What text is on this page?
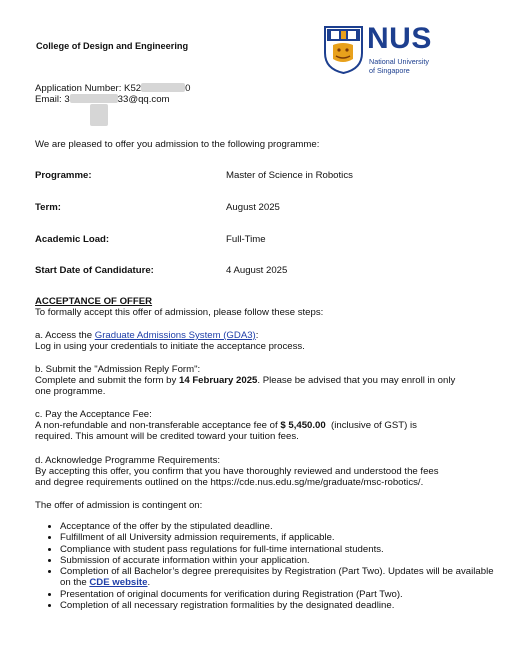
College of Design and Engineering	NUS
National University
of Singapore
Application Number: K52	0
Email: 3	33@qq.com
We are pleased to offer you admission to the following programme:
Programme:	Master of Science in Robotics
Term:	August 2025
Academic Load:	Full-Time
Start Date of Candidature:	4 August 2025
ACCEPTANCE OF OFFER
To formally accept this offer of admission, please follow these steps:
a. Access the Graduate Admissions System (GDA3):
Log in using your credentials to initiate the acceptance process.
b. Submit the "Admission Reply Form":
Complete and submit the form by 14 February 2025. Please be advised that you may enroll in only
one programme.
c. Pay the Acceptance Fee:
A non-refundable and non-transferable acceptance fee of $ 5,450.00  (inclusive of GST) is
required. This amount will be credited toward your tuition fees.
d. Acknowledge Programme Requirements:
By accepting this offer, you confirm that you have thoroughly reviewed and understood the fees
and degree requirements outlined on the https://cde.nus.edu.sg/me/graduate/msc-robotics/.
The offer of admission is contingent on:
• Acceptance of the offer by the stipulated deadline.
• Fulfillment of all University admission requirements, if applicable.
• Compliance with student pass regulations for full-time international students.
• Submission of accurate information within your application.
• Completion of all Bachelor’s degree prerequisites by Registration (Part Two). Updates will be available on the CDE website.
• Presentation of original documents for verification during Registration (Part Two).
• Completion of all necessary registration formalities by the designated deadline.
